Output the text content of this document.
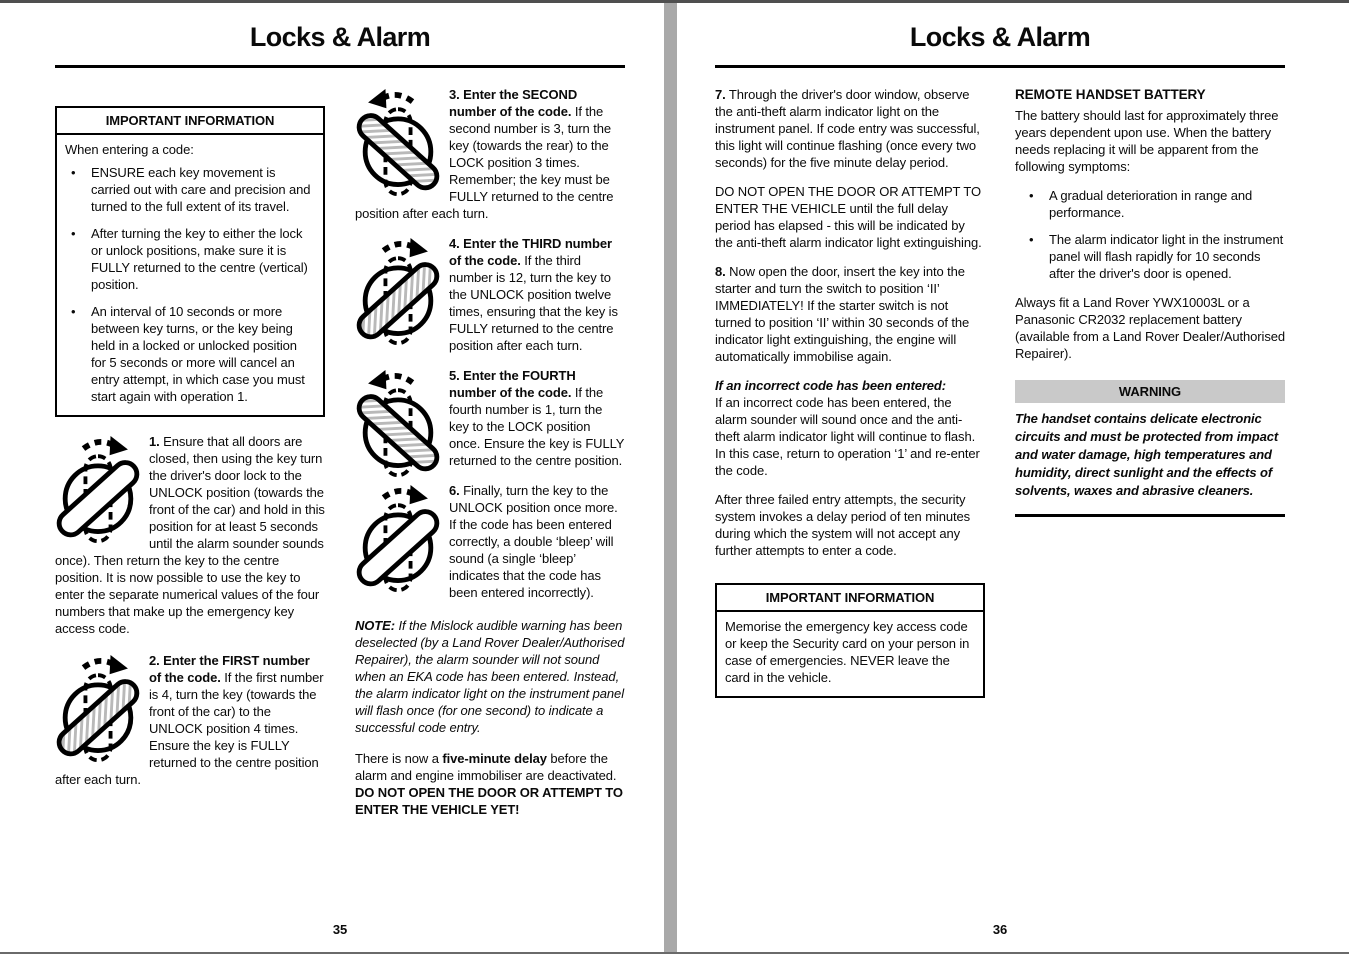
Locks & Alarm
IMPORTANT INFORMATION

When entering a code:

•	ENSURE each key movement is carried out with care and precision and turned to the full extent of its travel.
•	After turning the key to either the lock or unlock positions, make sure it is FULLY returned to the centre (vertical) position.
•	An interval of 10 seconds or more between key turns, or the key being held in a locked or unlocked position for 5 seconds or more will cancel an entry attempt, in which case you must start again with operation 1.

1. Ensure that all doors are closed, then using the key turn the driver's door lock to the UNLOCK position (towards the front of the car) and hold in this position for at least 5 seconds until the alarm sounder sounds once). Then return the key to the centre position. It is now possible to use the key to enter the separate numerical values of the four numbers that make up the emergency key access code.

2. Enter the FIRST number of the code. If the first number is 4, turn the key (towards the front of the car) to the UNLOCK position 4 times. Ensure the key is FULLY returned to the centre position after each turn.

3. Enter the SECOND number of the code. If the second number is 3, turn the key (towards the rear) to the LOCK position 3 times. Remember; the key must be FULLY returned to the centre position after each turn.

4. Enter the THIRD number of the code. If the third number is 12, turn the key to the UNLOCK position twelve times, ensuring that the key is FULLY returned to the centre position after each turn.

5. Enter the FOURTH number of the code. If the fourth number is 1, turn the key to the LOCK position once. Ensure the key is FULLY returned to the centre position.

6. Finally, turn the key to the UNLOCK position once more. If the code has been entered correctly, a double ‘bleep’ will sound (a single ‘bleep’ indicates that the code has been entered incorrectly).

NOTE: If the Mislock audible warning has been deselected (by a Land Rover Dealer/Authorised Repairer), the alarm sounder will not sound when an EKA code has been entered. Instead, the alarm indicator light on the instrument panel will flash once (for one second) to indicate a successful code entry.

There is now a five-minute delay before the alarm and engine immobiliser are deactivated. DO NOT OPEN THE DOOR OR ATTEMPT TO ENTER THE VEHICLE YET!

35
Locks & Alarm

7. Through the driver's door window, observe the anti-theft alarm indicator light on the instrument panel. If code entry was successful, this light will continue flashing (once every two seconds) for the five minute delay period.

DO NOT OPEN THE DOOR OR ATTEMPT TO ENTER THE VEHICLE until the full delay period has elapsed - this will be indicated by the anti-theft alarm indicator light extinguishing.

8. Now open the door, insert the key into the starter and turn the switch to position ‘II’ IMMEDIATELY! If the starter switch is not turned to position ‘II’ within 30 seconds of the indicator light extinguishing, the engine will automatically immobilise again.

If an incorrect code has been entered:

If an incorrect code has been entered, the alarm sounder will sound once and the anti-theft alarm indicator light will continue to flash. In this case, return to operation ‘1’ and re-enter the code.

After three failed entry attempts, the security system invokes a delay period of ten minutes during which the system will not accept any further attempts to enter a code.

IMPORTANT INFORMATION
Memorise the emergency key access code or keep the Security card on your person in case of emergencies. NEVER leave the card in the vehicle.

REMOTE HANDSET BATTERY

The battery should last for approximately three years dependent upon use. When the battery needs replacing it will be apparent from the following symptoms:

•	A gradual deterioration in range and performance.
•	The alarm indicator light in the instrument panel will flash rapidly for 10 seconds after the driver's door is opened.

Always fit a Land Rover YWX10003L or a Panasonic CR2032 replacement battery (available from a Land Rover Dealer/Authorised Repairer).

WARNING
The handset contains delicate electronic circuits and must be protected from impact and water damage, high temperatures and humidity, direct sunlight and the effects of solvents, waxes and abrasive cleaners.
36
